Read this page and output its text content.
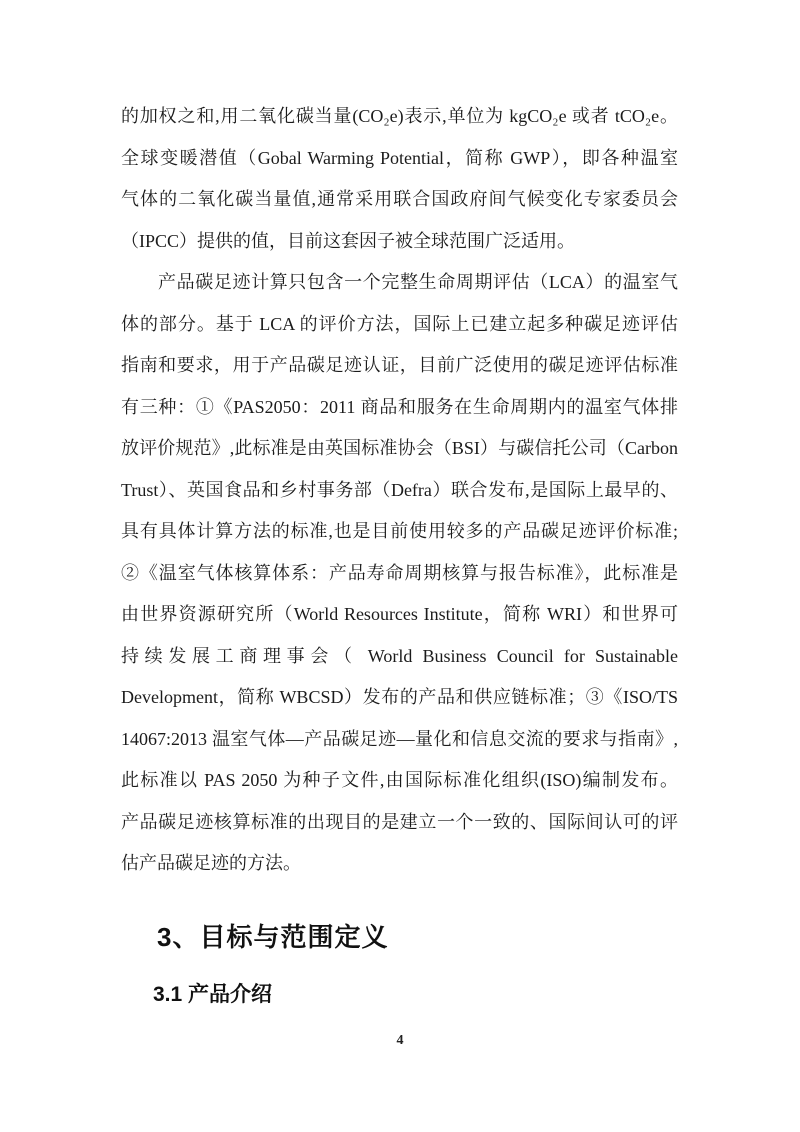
的加权之和,用二氧化碳当量(CO₂e)表示,单位为 kgCO₂e 或者 tCO₂e。
全球变暖潜值（Gobal Warming Potential，简称 GWP），即各种温室
气体的二氧化碳当量值,通常采用联合国政府间气候变化专家委员会
（IPCC）提供的值，目前这套因子被全球范围广泛适用。
产品碳足迹计算只包含一个完整生命周期评估（LCA）的温室气
体的部分。基于 LCA 的评价方法，国际上已建立起多种碳足迹评估
指南和要求，用于产品碳足迹认证，目前广泛使用的碳足迹评估标准
有三种：①《PAS2050：2011 商品和服务在生命周期内的温室气体排
放评价规范》,此标准是由英国标准协会（BSI）与碳信托公司（Carbon
Trust）、英国食品和乡村事务部（Defra）联合发布,是国际上最早的、
具有具体计算方法的标准,也是目前使用较多的产品碳足迹评价标准;
②《温室气体核算体系：产品寿命周期核算与报告标准》，此标准是
由世界资源研究所（World Resources Institute，简称 WRI）和世界可
持续发展工商理事会（ World Business Council for Sustainable
Development，简称 WBCSD）发布的产品和供应链标准；③《ISO/TS
14067:2013 温室气体—产品碳足迹—量化和信息交流的要求与指南》,
此标准以 PAS 2050 为种子文件,由国际标准化组织(ISO)编制发布。
产品碳足迹核算标准的出现目的是建立一个一致的、国际间认可的评
估产品碳足迹的方法。
3、目标与范围定义
3.1 产品介绍
4
